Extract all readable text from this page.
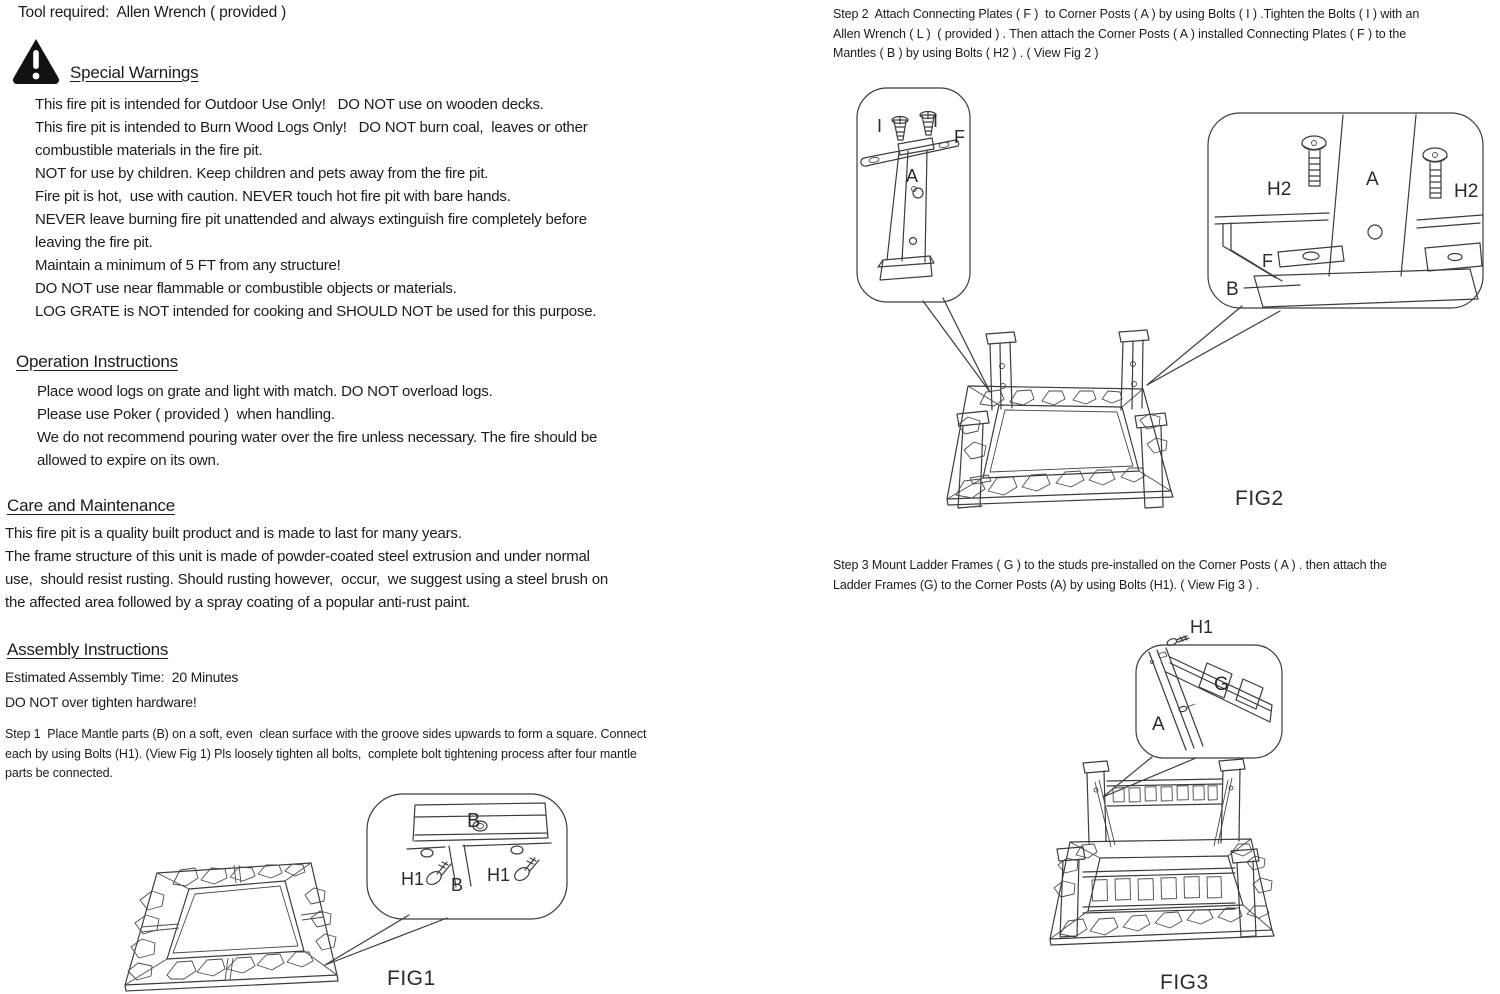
Tool required:  Allen Wrench ( provided )
Special Warnings
This fire pit is intended for Outdoor Use Only!   DO NOT use on wooden decks.
This fire pit is intended to Burn Wood Logs Only!   DO NOT burn coal,  leaves or other
combustible materials in the fire pit.
NOT for use by children. Keep children and pets away from the fire pit.
Fire pit is hot,  use with caution. NEVER touch hot fire pit with bare hands.
NEVER leave burning fire pit unattended and always extinguish fire completely before
leaving the fire pit.
Maintain a minimum of 5 FT from any structure!
DO NOT use near flammable or combustible objects or materials.
LOG GRATE is NOT intended for cooking and SHOULD NOT be used for this purpose.
Operation Instructions
Place wood logs on grate and light with match. DO NOT overload logs.
Please use Poker ( provided )  when handling.
We do not recommend pouring water over the fire unless necessary. The fire should be
allowed to expire on its own.
Care and Maintenance
This fire pit is a quality built product and is made to last for many years.
The frame structure of this unit is made of powder-coated steel extrusion and under normal
use,  should resist rusting. Should rusting however,  occur,  we suggest using a steel brush on
the affected area followed by a spray coating of a popular anti-rust paint.
Assembly Instructions
Estimated Assembly Time:  20 Minutes
DO NOT over tighten hardware!
Step 1  Place Mantle parts (B) on a soft, even  clean surface with the groove sides upwards to form a square. Connect
each by using Bolts (H1). (View Fig 1) Pls loosely tighten all bolts,  complete bolt tightening process after four mantle
parts be connected.
Step 2  Attach Connecting Plates ( F )  to Corner Posts ( A ) by using Bolts ( I ) .Tighten the Bolts ( I ) with an
Allen Wrench ( L )  ( provided ) . Then attach the Corner Posts ( A ) installed Connecting Plates ( F ) to the
Mantles ( B ) by using Bolts ( H2 ) . ( View Fig 2 )
Step 3 Mount Ladder Frames ( G ) to the studs pre-installed on the Corner Posts ( A ) . then attach the
Ladder Frames (G) to the Corner Posts (A) by using Bolts (H1). ( View Fig 3 ) .
B
H1 B H1
FIG1
I	I
F
A	A
H2	H2
F
B
FIG2
H1
G
A
FIG3
